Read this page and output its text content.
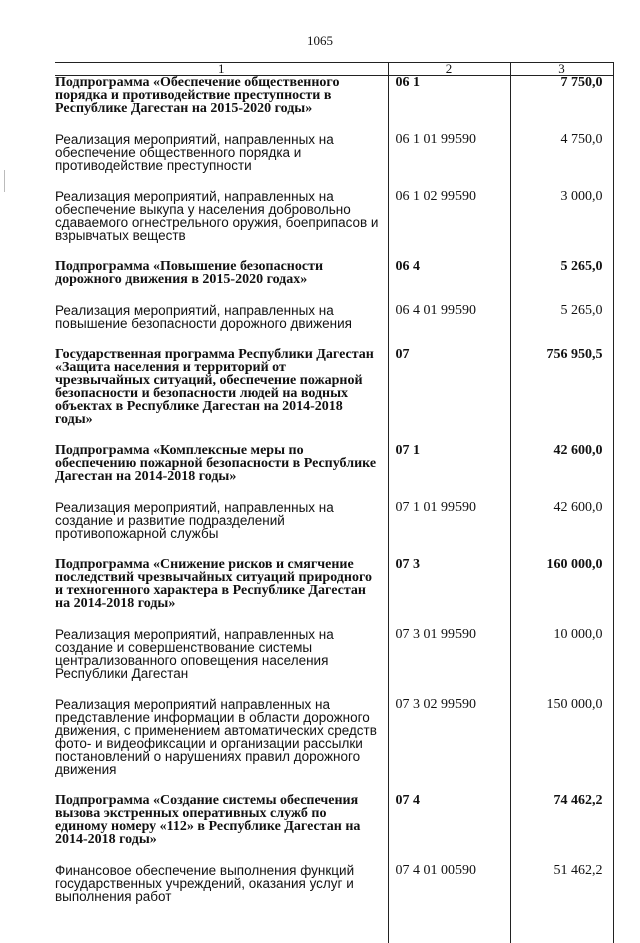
1065
1	2	3
Подпрограмма «Обеспечение общественного порядка и противодействие преступности в Республике Дагестан на 2015-2020 годы»	06 1	7 750,0

Реализация мероприятий, направленных на обеспечение общественного порядка и противодействие преступности	06 1 01 99590	4 750,0

Реализация мероприятий, направленных на обеспечение выкупа у населения добровольно сдаваемого огнестрельного оружия, боеприпасов и взрывчатых веществ	06 1 02 99590	3 000,0

Подпрограмма «Повышение безопасности дорожного движения в 2015-2020 годах»	06 4	5 265,0

Реализация мероприятий, направленных на повышение безопасности дорожного движения	06 4 01 99590	5 265,0

Государственная программа Республики Дагестан «Защита населения и территорий от чрезвычайных ситуаций, обеспечение пожарной безопасности и безопасности людей на водных объектах в Республике Дагестан на 2014-2018 годы»	07	756 950,5

Подпрограмма «Комплексные меры по обеспечению пожарной безопасности в Республике Дагестан на 2014-2018 годы»	07 1	42 600,0

Реализация мероприятий, направленных на создание и развитие подразделений противопожарной службы	07 1 01 99590	42 600,0

Подпрограмма «Снижение рисков и смягчение последствий чрезвычайных ситуаций природного и техногенного характера в Республике Дагестан на 2014-2018 годы»	07 3	160 000,0

Реализация мероприятий, направленных на создание и совершенствование системы централизованного оповещения населения Республики Дагестан	07 3 01 99590	10 000,0

Реализация мероприятий направленных на представление информации в области дорожного движения, с применением автоматических средств фото- и видеофиксации и организации рассылки постановлений о нарушениях правил дорожного движения	07 3 02 99590	150 000,0

Подпрограмма «Создание системы обеспечения вызова экстренных оперативных служб по единому номеру «112» в Республике Дагестан на 2014-2018 годы»	07 4	74 462,2

Финансовое обеспечение выполнения функций государственных учреждений, оказания услуг и выполнения работ	07 4 01 00590	51 462,2
